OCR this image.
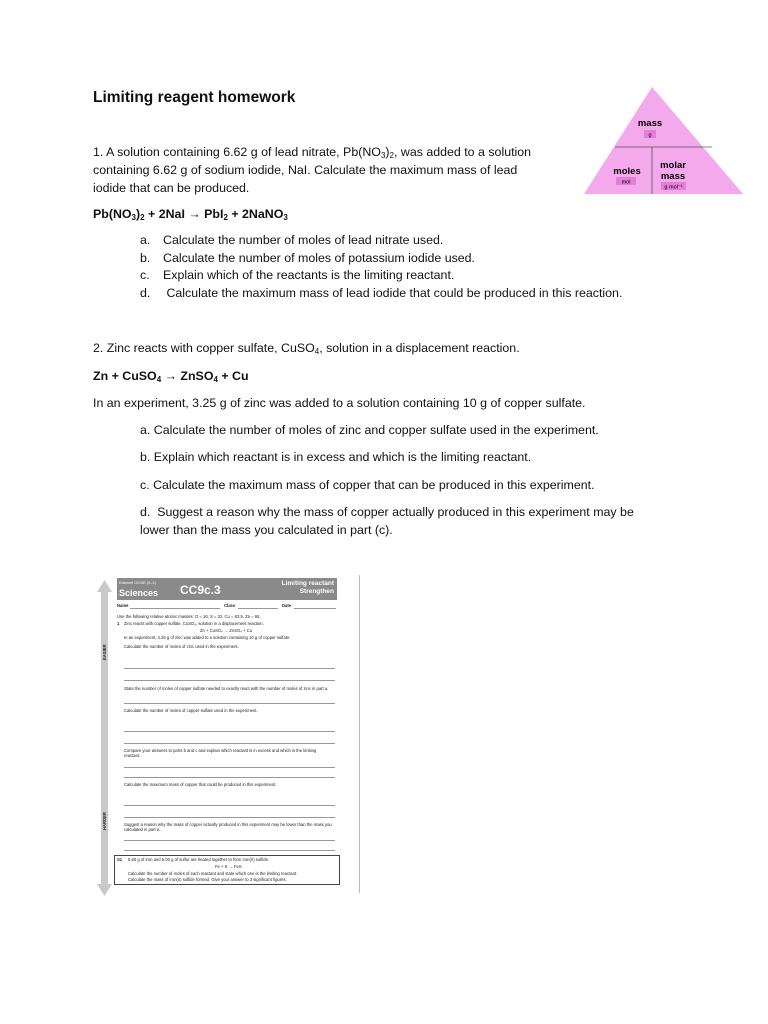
Limiting reagent homework
1. A solution containing 6.62 g of lead nitrate, $Pb(NO_3)_2$, was added to a solution
containing 6.62 g of sodium iodide, NaI. Calculate the maximum mass of lead
iodide that can be produced.
$Pb(NO_3)_2 + 2NaI \to PbI_2$ + 2NaNO$_3$
a.	Calculate the number of moles of lead nitrate used.
b.	Calculate the number of moles of potassium iodide used.
c.	Explain which of the reactants is the limiting reactant.
d.	Calculate the maximum mass of lead iodide that could be produced in this reaction.
mass
g
moles
mol
molar
mass
g mol⁻¹
2. Zinc reacts with copper sulfate, CuSO$_4$, solution in a displacement reaction.
Zn + CuSO$_4$ → ZnSO$_4$ + Cu
In an experiment, 3.25 g of zinc was added to a solution containing 10 g of copper sulfate.
a. Calculate the number of moles of zinc and copper sulfate used in the experiment.
b. Explain which reactant is in excess and which is the limiting reactant.
c. Calculate the maximum mass of copper that can be produced in this experiment.
d.  Suggest a reason why the mass of copper actually produced in this experiment may be
lower than the mass you calculated in part (c).
EASIER
HARDER
Edexcel GCSE (9–1)
Sciences CC9c.3	Limiting reactant
Strengthen
Name	Class	Date
Use the following relative atomic masses: O = 16, S = 32, Cu = 63.5, Zn = 65.
1 Zinc reacts with copper sulfate, CuSO₄, solution in a displacement reaction.
Zn + CuSO₄ → ZnSO₄ + Cu
In an experiment, 3.25 g of zinc was added to a solution containing 10 g of copper sulfate.
Calculate the number of moles of zinc used in the experiment.
State the number of moles of copper sulfate needed to exactly react with the number of moles of zinc in part a.
Calculate the number of moles of copper sulfate used in the experiment.
Compare your answers to parts b and c and explain which reactant is in excess and which is the limiting reactant.
Calculate the maximum mass of copper that could be produced in this experiment.
Suggest a reason why the mass of copper actually produced in this experiment may be lower than the mass you calculated in part e.
S1 5.60 g of iron and 5.00 g of sulfur are heated together to form iron(II) sulfide.
Fe + S → FeS
Calculate the number of moles of each reactant and state which one is the limiting reactant.
Calculate the mass of iron(II) sulfide formed. Give your answer to 3 significant figures.
